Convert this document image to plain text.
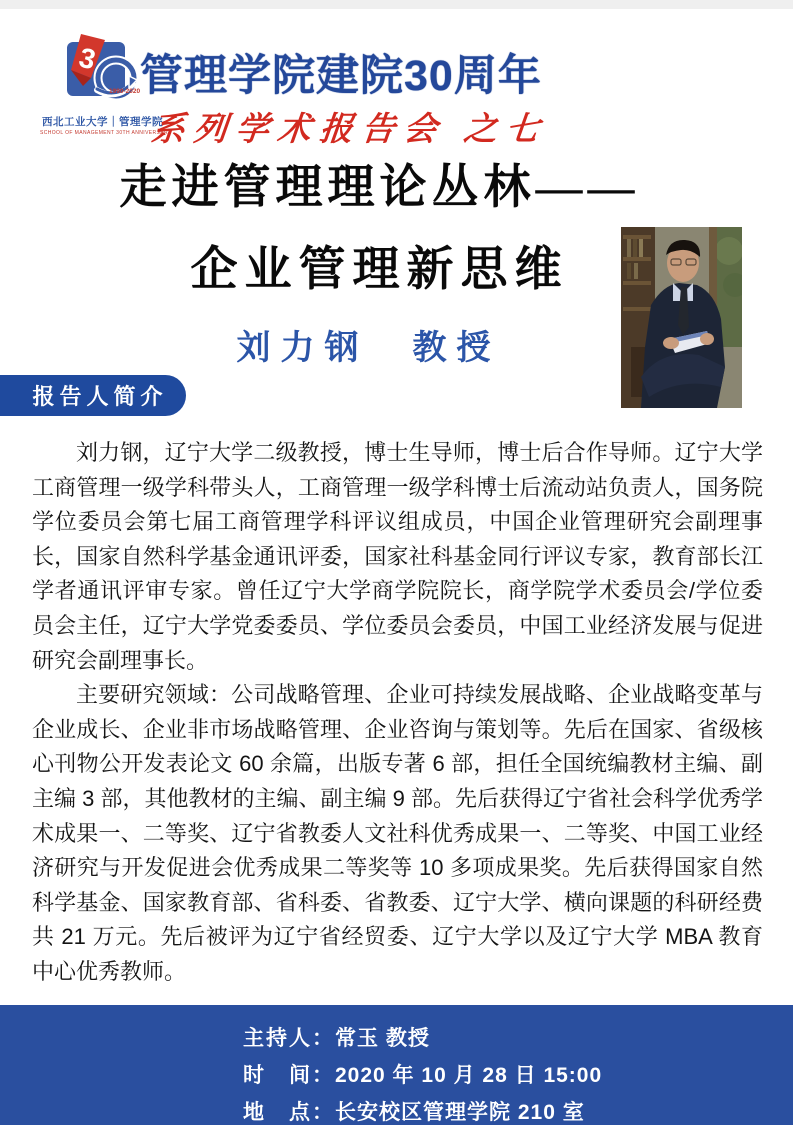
3
1990-2020
西北工业大学｜管理学院
SCHOOL OF MANAGEMENT 30TH ANNIVERSARY
管理学院建院30周年
系列学术报告会 之七
走进管理理论丛林——
企业管理新思维
刘力钢　教授
报告人简介

刘力钢，辽宁大学二级教授，博士生导师，博士后合作导师。辽宁大学工商管理一级学科带头人，工商管理一级学科博士后流动站负责人，国务院学位委员会第七届工商管理学科评议组成员，中国企业管理研究会副理事长，国家自然科学基金通讯评委，国家社科基金同行评议专家，教育部长江学者通讯评审专家。曾任辽宁大学商学院院长，商学院学术委员会/学位委员会主任，辽宁大学党委委员、学位委员会委员，中国工业经济发展与促进研究会副理事长。

主要研究领域：公司战略管理、企业可持续发展战略、企业战略变革与企业成长、企业非市场战略管理、企业咨询与策划等。先后在国家、省级核心刊物公开发表论文 60 余篇，出版专著 6 部，担任全国统编教材主编、副主编 3 部，其他教材的主编、副主编 9 部。先后获得辽宁省社会科学优秀学术成果一、二等奖、辽宁省教委人文社科优秀成果一、二等奖、中国工业经济研究与开发促进会优秀成果二等奖等 10 多项成果奖。先后获得国家自然科学基金、国家教育部、省科委、省教委、辽宁大学、横向课题的科研经费共 21 万元。先后被评为辽宁省经贸委、辽宁大学以及辽宁大学 MBA 教育中心优秀教师。

主持人：常玉 教授
时　间：2020 年 10 月 28 日 15:00
地　点：长安校区管理学院 210 室
